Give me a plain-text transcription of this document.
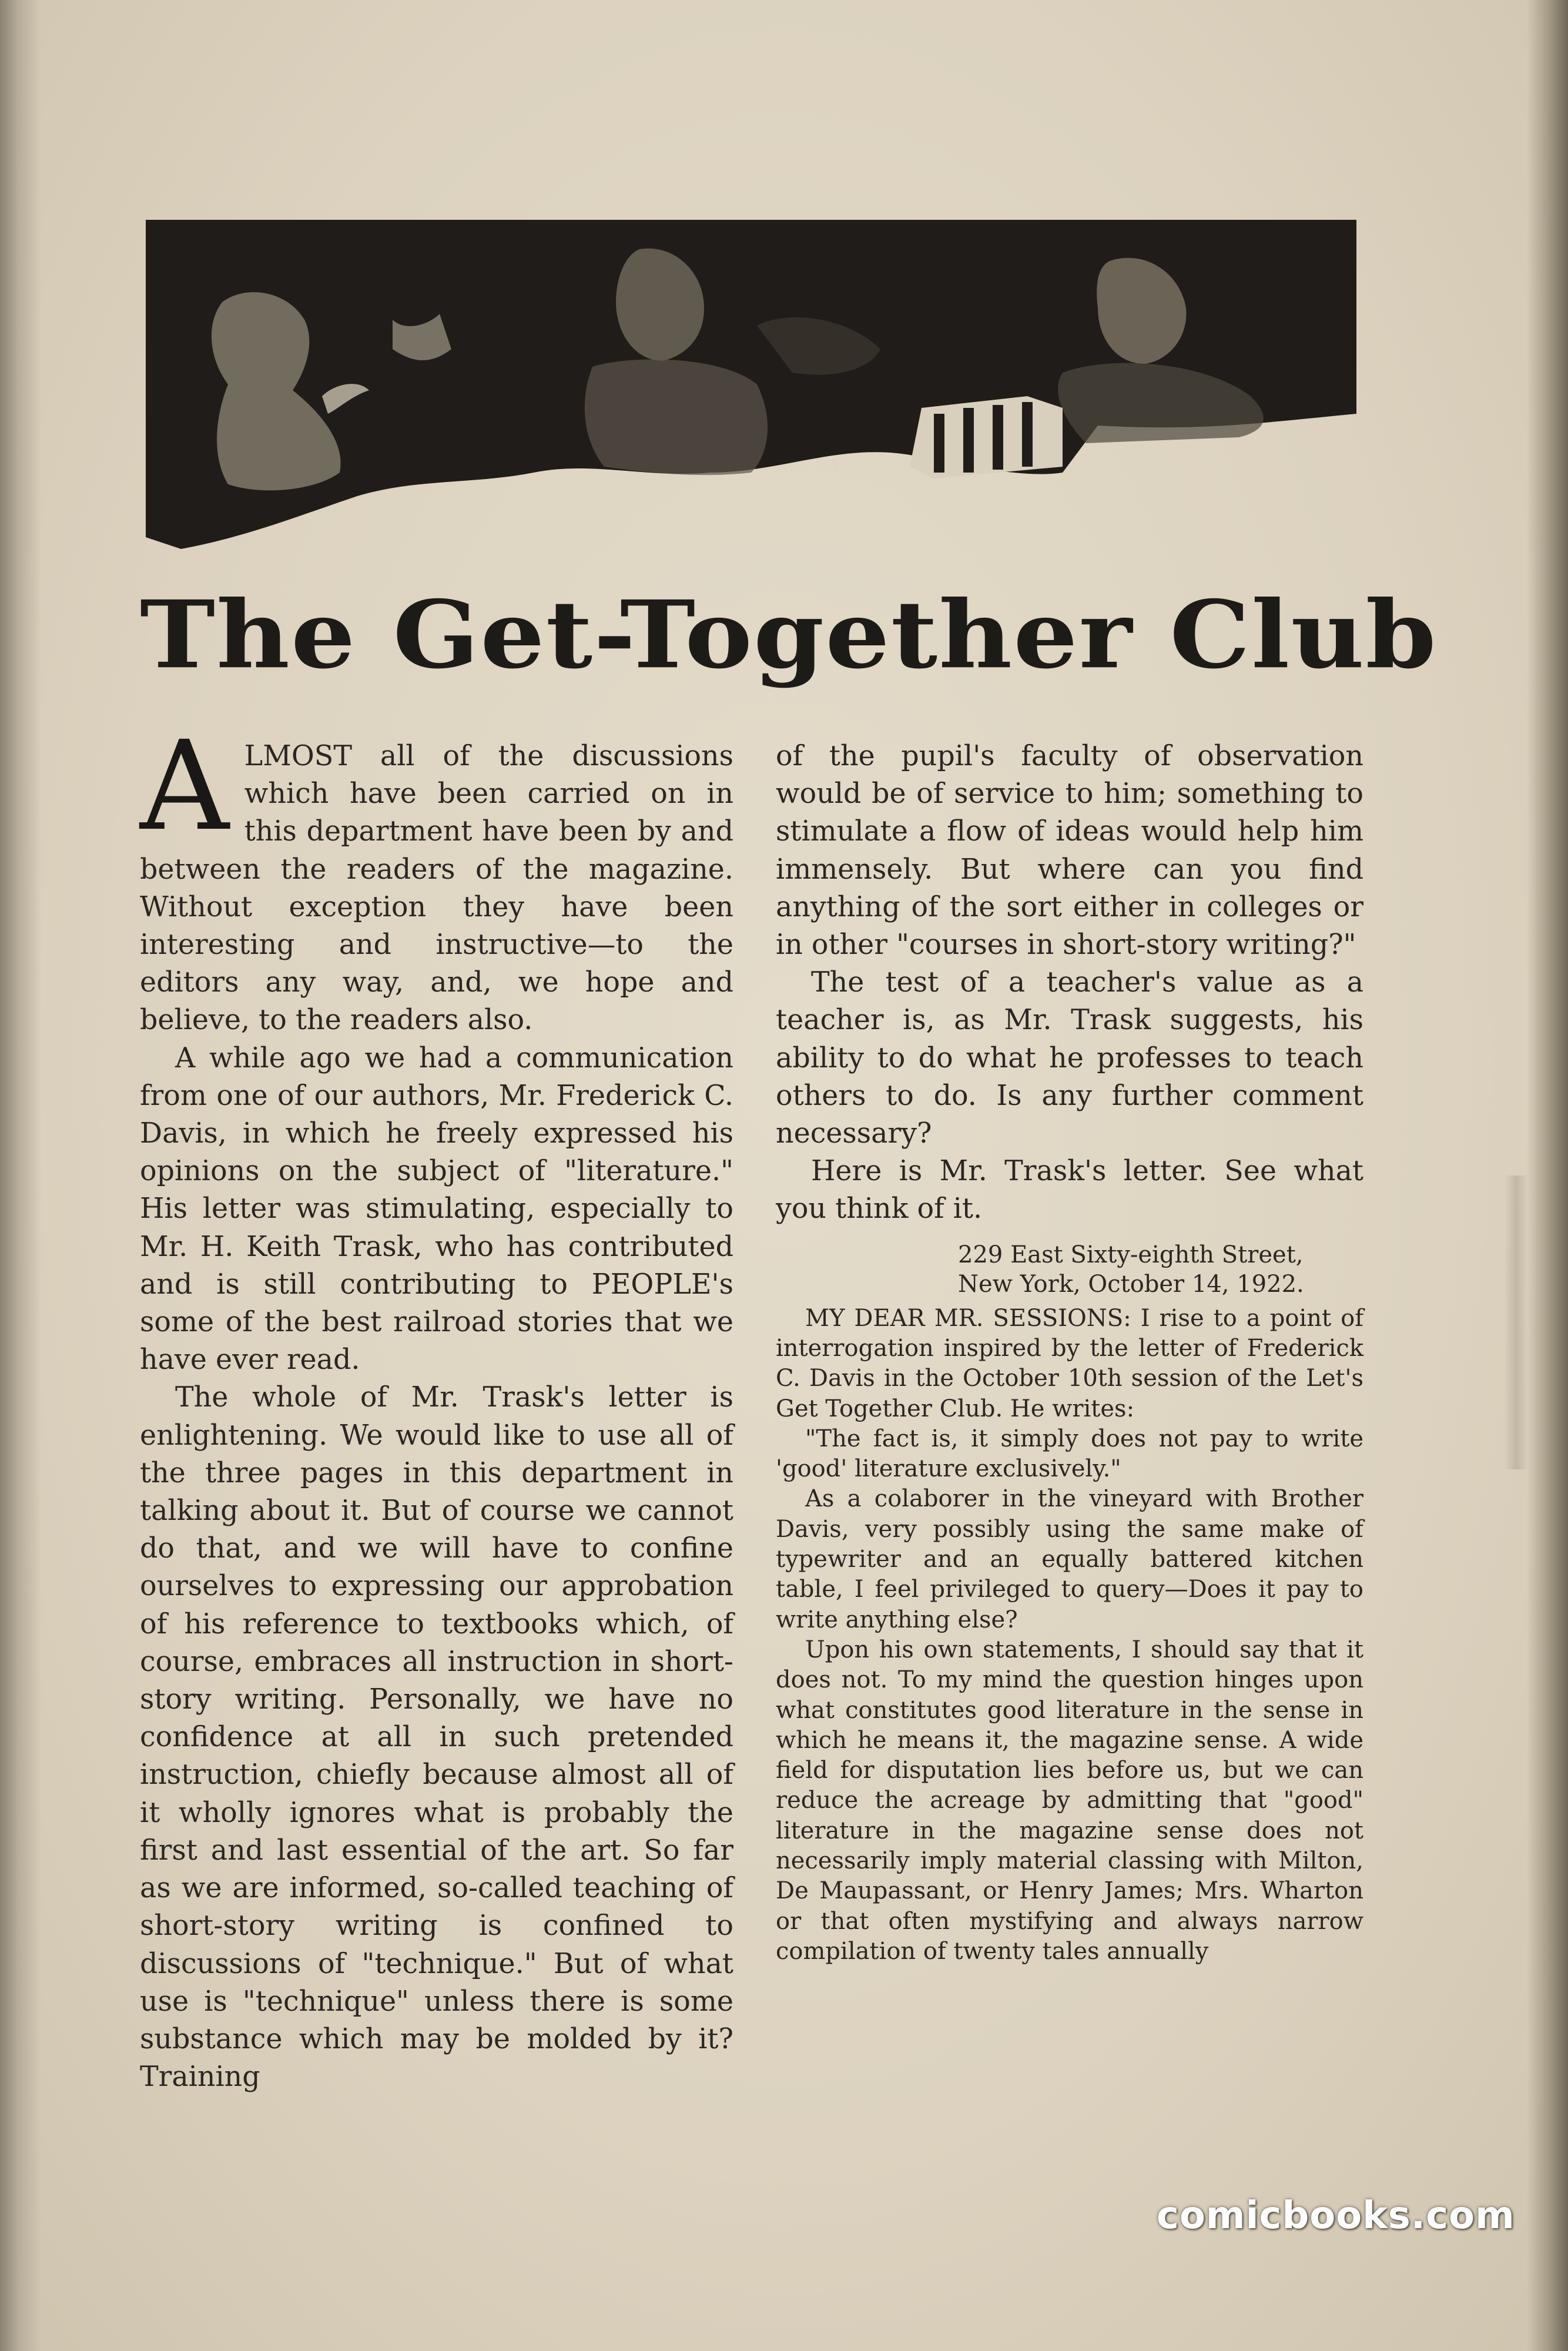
The Get-Together Club

ALMOST all of the discussions which have been carried on in this department have been by and between the readers of the magazine. Without exception they have been interesting and instructive—to the editors any way, and, we hope and believe, to the readers also.

A while ago we had a communication from one of our authors, Mr. Frederick C. Davis, in which he freely expressed his opinions on the subject of "literature." His letter was stimulating, especially to Mr. H. Keith Trask, who has contributed and is still contributing to PEOPLE's some of the best railroad stories that we have ever read.

The whole of Mr. Trask's letter is enlightening. We would like to use all of the three pages in this department in talking about it. But of course we cannot do that, and we will have to confine ourselves to expressing our approbation of his reference to textbooks which, of course, embraces all instruction in short-story writing. Personally, we have no confidence at all in such pretended instruction, chiefly because almost all of it wholly ignores what is probably the first and last essential of the art. So far as we are informed, so-called teaching of short-story writing is confined to discussions of "technique." But of what use is "technique" unless there is some substance which may be molded by it? Training

of the pupil's faculty of observation would be of service to him; something to stimulate a flow of ideas would help him immensely. But where can you find anything of the sort either in colleges or in other "courses in short-story writing?"

The test of a teacher's value as a teacher is, as Mr. Trask suggests, his ability to do what he professes to teach others to do. Is any further comment necessary?

Here is Mr. Trask's letter. See what you think of it.

229 East Sixty-eighth Street,
New York, October 14, 1922.

MY DEAR MR. SESSIONS: I rise to a point of interrogation inspired by the letter of Frederick C. Davis in the October 10th session of the Let's Get Together Club. He writes:

"The fact is, it simply does not pay to write 'good' literature exclusively."

As a colaborer in the vineyard with Brother Davis, very possibly using the same make of typewriter and an equally battered kitchen table, I feel privileged to query—Does it pay to write anything else?

Upon his own statements, I should say that it does not. To my mind the question hinges upon what constitutes good literature in the sense in which he means it, the magazine sense. A wide field for disputation lies before us, but we can reduce the acreage by admitting that "good" literature in the magazine sense does not necessarily imply material classing with Milton, De Maupassant, or Henry James; Mrs. Wharton or that often mystifying and always narrow compilation of twenty tales annually

comicbooks.com
